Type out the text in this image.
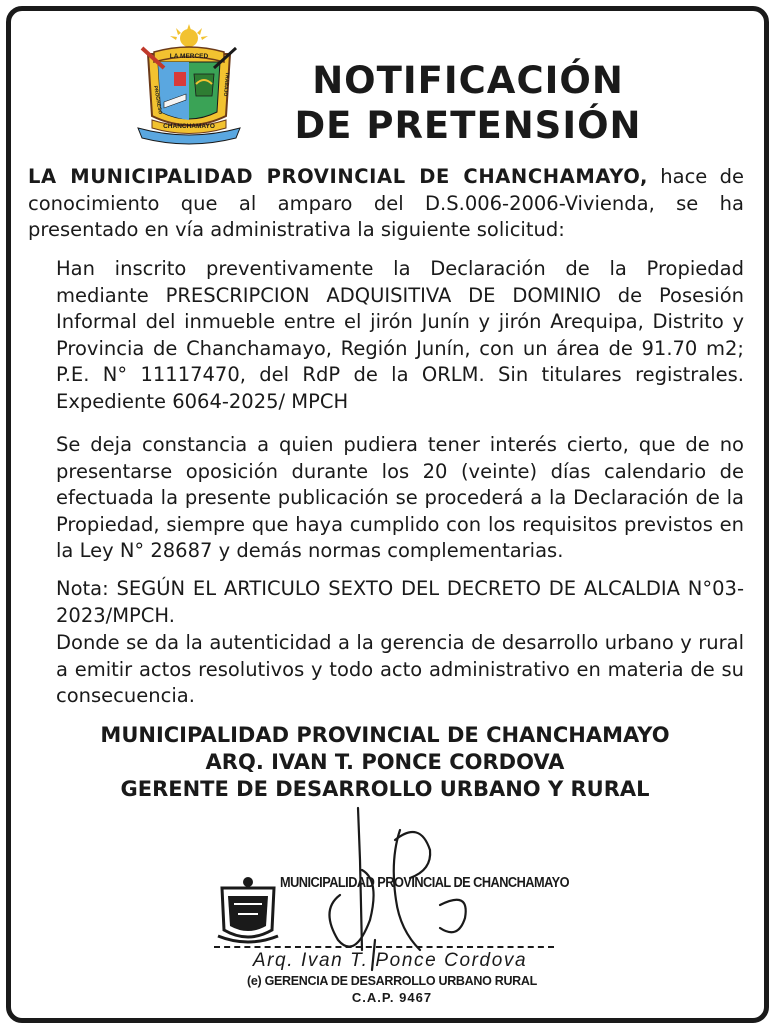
LA MERCED
PROGRESO
TRABAJO
CHANCHAMAYO
NOTIFICACIÓN
DE PRETENSIÓN
LA MUNICIPALIDAD PROVINCIAL DE CHANCHAMAYO, hace de conocimiento que al amparo del D.S.006-2006-Vivienda, se ha presentado en vía administrativa la siguiente solicitud:
Han inscrito preventivamente la Declaración de la Propiedad mediante PRESCRIPCION ADQUISITIVA DE DOMINIO de Posesión Informal del inmueble entre el jirón Junín y jirón Arequipa, Distrito y Provincia de Chanchamayo, Región Junín, con un área de 91.70 m2; P.E. N° 11117470, del RdP de la ORLM. Sin titulares registrales. Expediente 6064-2025/ MPCH
Se deja constancia a quien pudiera tener interés cierto, que de no presentarse oposición durante los 20 (veinte) días calendario de efectuada la presente publicación se procederá a la Declaración de la Propiedad, siempre que haya cumplido con los requisitos previstos en la Ley N° 28687 y demás normas complementarias.
Nota: SEGÚN EL ARTICULO SEXTO DEL DECRETO DE ALCALDIA N°03-2023/MPCH.
Donde se da la autenticidad a la gerencia de desarrollo urbano y rural a emitir actos resolutivos y todo acto administrativo en materia de su consecuencia.
MUNICIPALIDAD PROVINCIAL DE CHANCHAMAYO
ARQ. IVAN T. PONCE CORDOVA
GERENTE DE DESARROLLO URBANO Y RURAL
MUNICIPALIDAD PROVINCIAL DE CHANCHAMAYO
Arq. Ivan T. Ponce Cordova
(e) GERENCIA DE DESARROLLO URBANO RURAL
C.A.P. 9467
